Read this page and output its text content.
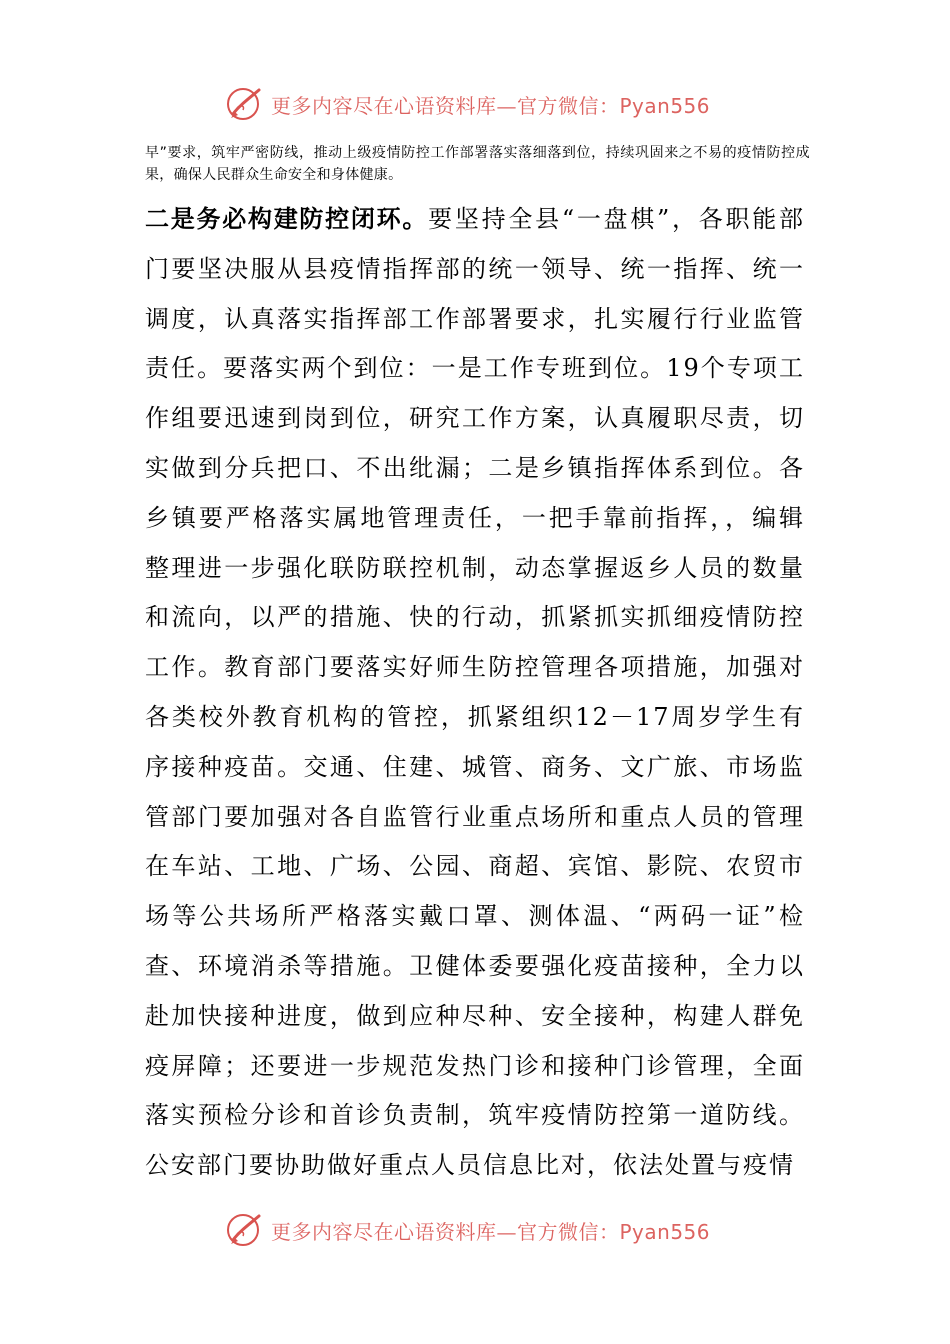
更多内容尽在心语资料库—官方微信：Pyan556
早”要求，筑牢严密防线，推动上级疫情防控工作部署落实落细落到位，持续巩固来之不易的疫情防控成果，确保人民群众生命安全和身体健康。
二是务必构建防控闭环。要坚持全县“一盘棋”，各职能部门要坚决服从县疫情指挥部的统一领导、统一指挥、统一调度，认真落实指挥部工作部署要求，扎实履行行业监管责任。要落实两个到位：一是工作专班到位。19个专项工作组要迅速到岗到位，研究工作方案，认真履职尽责，切实做到分兵把口、不出纰漏；二是乡镇指挥体系到位。各乡镇要严格落实属地管理责任，一把手靠前指挥，，编辑整理进一步强化联防联控机制，动态掌握返乡人员的数量和流向，以严的措施、快的行动，抓紧抓实抓细疫情防控工作。教育部门要落实好师生防控管理各项措施，加强对各类校外教育机构的管控，抓紧组织12－17周岁学生有序接种疫苗。交通、住建、城管、商务、文广旅、市场监管部门要加强对各自监管行业重点场所和重点人员的管理在车站、工地、广场、公园、商超、宾馆、影院、农贸市场等公共场所严格落实戴口罩、测体温、“两码一证”检查、环境消杀等措施。卫健体委要强化疫苗接种，全力以赴加快接种进度，做到应种尽种、安全接种，构建人群免疫屏障；还要进一步规范发热门诊和接种门诊管理，全面落实预检分诊和首诊负责制，筑牢疫情防控第一道防线。公安部门要协助做好重点人员信息比对，依法处置与疫情
更多内容尽在心语资料库—官方微信：Pyan556
